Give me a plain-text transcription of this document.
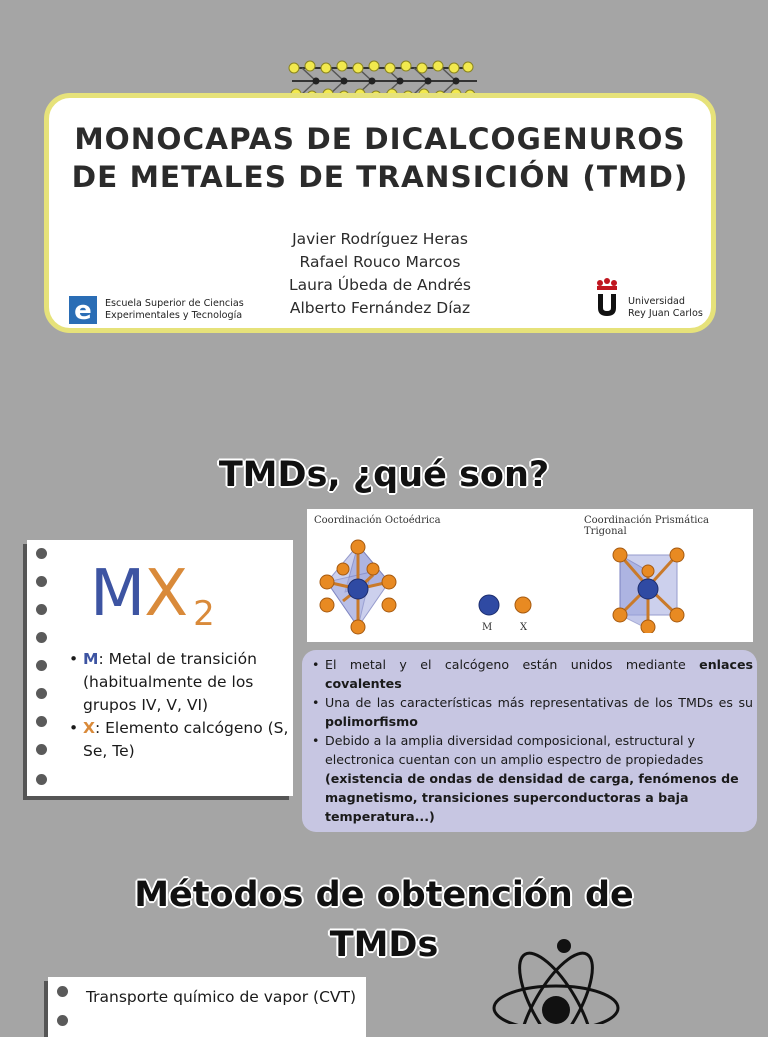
MONOCAPAS DE DICALCOGENUROS
DE METALES DE TRANSICIÓN (TMD)
Javier Rodríguez Heras
Rafael Rouco Marcos
Laura Úbeda de Andrés
Alberto Fernández Díaz
e Escuela Superior de Ciencias
Experimentales y Tecnología
Universidad
Rey Juan Carlos
TMDs, ¿qué son?
MX 2
• M: Metal de transición (habitualmente de los grupos IV, V, VI)
• X: Elemento calcógeno (S, Se, Te)
Coordinación Octoédrica	Coordinación Prismática Trigonal
M	X
• El metal y el calcógeno están unidos mediante enlaces covalentes
• Una de las características más representativas de los TMDs es su polimorfismo
• Debido a la amplia diversidad composicional, estructural y electronica cuentan con un amplio espectro de propiedades (existencia de ondas de densidad de carga, fenómenos de magnetismo, transiciones superconductoras a baja temperatura...)
Métodos de obtención de
TMDs
Transporte químico de vapor (CVT)
